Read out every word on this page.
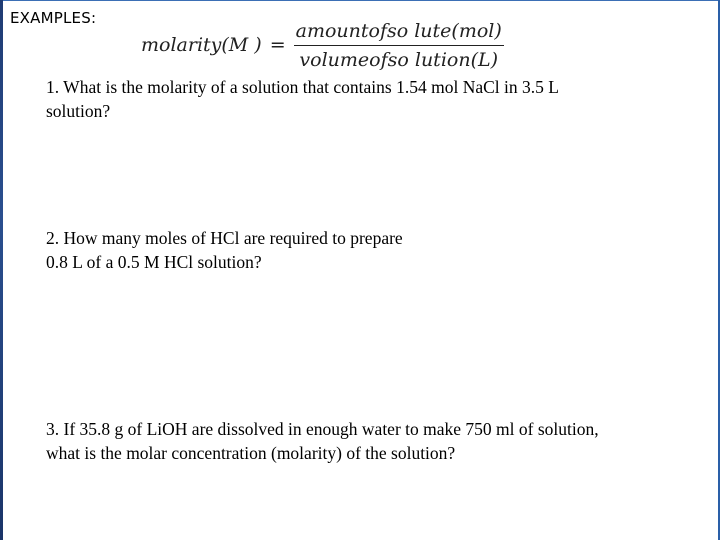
EXAMPLES:
molarity(M ) = $\frac{\text{amountofso lute(mol)}}{\text{volumeofso lution(L)}}$
1. What is the molarity of a solution that contains 1.54 mol NaCl in 3.5 L
solution?
2. How many moles of HCl are required to prepare
0.8 L of a 0.5 M HCl solution?
3. If 35.8 g of LiOH are dissolved in enough water to make 750 ml of solution,
what is the molar concentration (molarity) of the solution?
